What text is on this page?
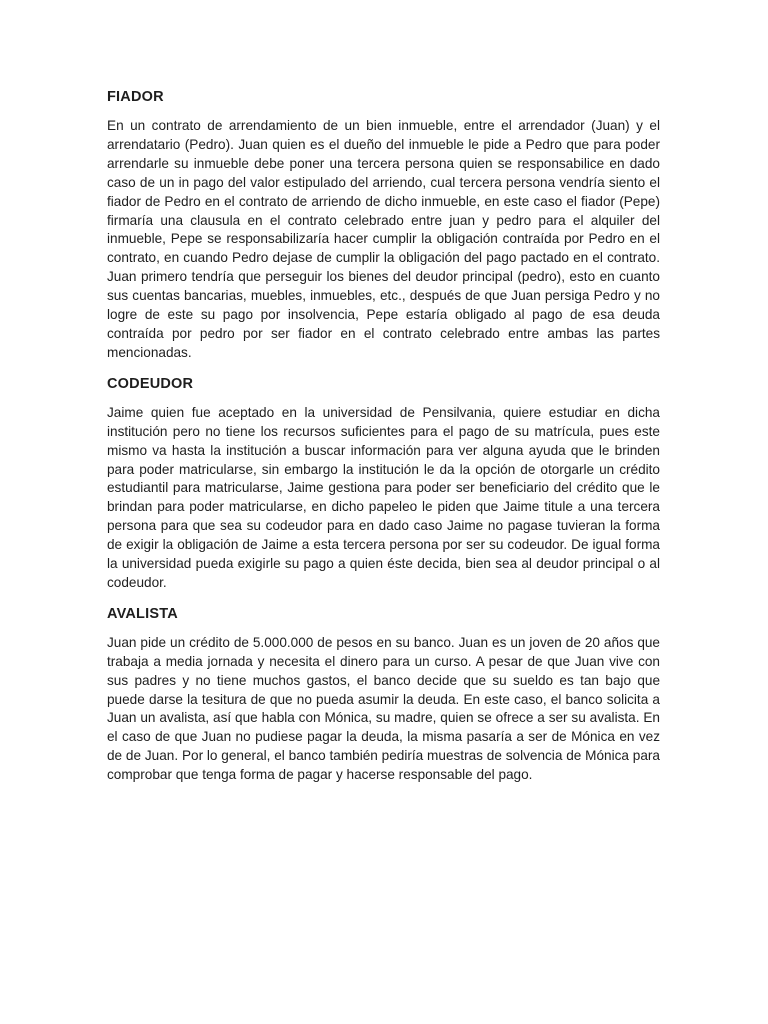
FIADOR

En un contrato de arrendamiento de un bien inmueble, entre el arrendador (Juan) y el arrendatario (Pedro). Juan quien es el dueño del inmueble le pide a Pedro que para poder arrendarle su inmueble debe poner una tercera persona quien se responsabilice en dado caso de un in pago del valor estipulado del arriendo, cual tercera persona vendría siento el fiador de Pedro en el contrato de arriendo de dicho inmueble, en este caso el fiador (Pepe) firmaría una clausula en el contrato celebrado entre juan y pedro para el alquiler del inmueble, Pepe se responsabilizaría hacer cumplir la obligación contraída por Pedro en el contrato, en cuando Pedro dejase de cumplir la obligación del pago pactado en el contrato. Juan primero tendría que perseguir los bienes del deudor principal (pedro), esto en cuanto sus cuentas bancarias, muebles, inmuebles, etc., después de que Juan persiga Pedro y no logre de este su pago por insolvencia, Pepe estaría obligado al pago de esa deuda contraída por pedro por ser fiador en el contrato celebrado entre ambas las partes mencionadas.

CODEUDOR

Jaime quien fue aceptado en la universidad de Pensilvania, quiere estudiar en dicha institución pero no tiene los recursos suficientes para el pago de su matrícula, pues este mismo va hasta la institución a buscar información para ver alguna ayuda que le brinden para poder matricularse, sin embargo la institución le da la opción de otorgarle un crédito estudiantil para matricularse, Jaime gestiona para poder ser beneficiario del crédito que le brindan para poder matricularse, en dicho papeleo le piden que Jaime titule a una tercera persona para que sea su codeudor para en dado caso Jaime no pagase tuvieran la forma de exigir la obligación de Jaime a esta tercera persona por ser su codeudor. De igual forma la universidad pueda exigirle su pago a quien éste decida, bien sea al deudor principal o al codeudor.

AVALISTA

Juan pide un crédito de 5.000.000 de pesos en su banco. Juan es un joven de 20 años que trabaja a media jornada y necesita el dinero para un curso. A pesar de que Juan vive con sus padres y no tiene muchos gastos, el banco decide que su sueldo es tan bajo que puede darse la tesitura de que no pueda asumir la deuda. En este caso, el banco solicita a Juan un avalista, así que habla con Mónica, su madre, quien se ofrece a ser su avalista. En el caso de que Juan no pudiese pagar la deuda, la misma pasaría a ser de Mónica en vez de de Juan. Por lo general, el banco también pediría muestras de solvencia de Mónica para comprobar que tenga forma de pagar y hacerse responsable del pago.
